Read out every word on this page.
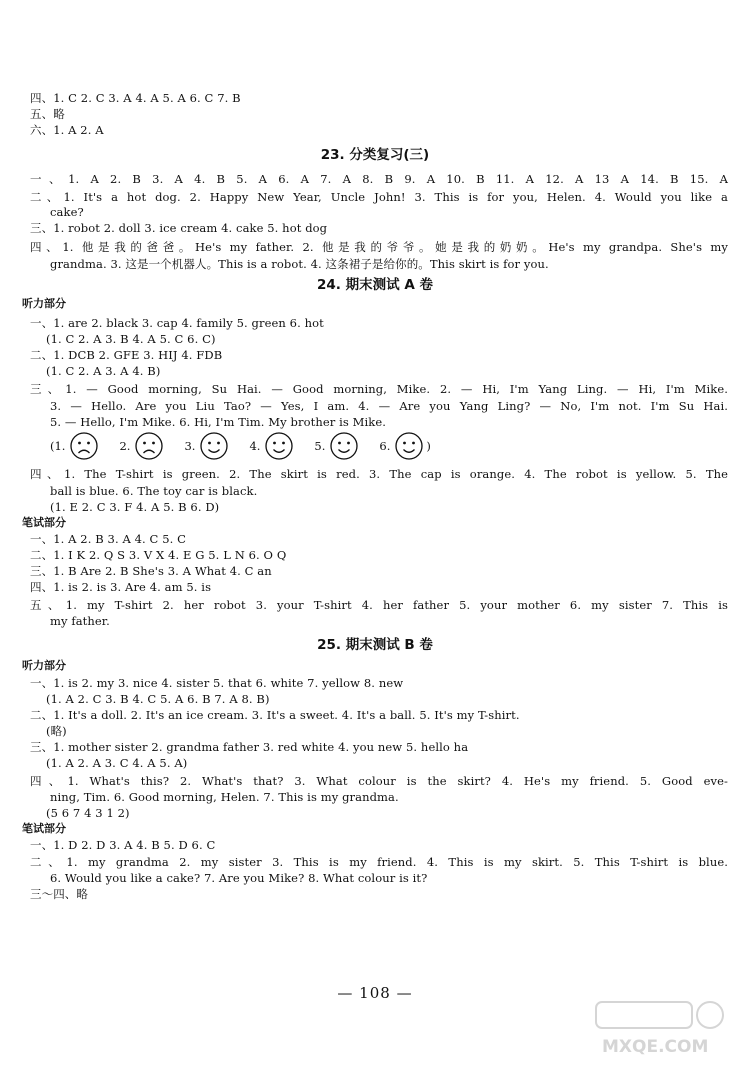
四、1. C 2. C 3. A 4. A 5. A 6. C 7. B
五、略
六、1. A 2. A
23. 分类复习(三)
一、1. A 2. B 3. A 4. B 5. A 6. A 7. A 8. B 9. A 10. B 11. A 12. A 13 A 14. B 15. A
二、1. It's a hot dog. 2. Happy New Year, Uncle John! 3. This is for you, Helen. 4. Would you like a
cake?
三、1. robot 2. doll 3. ice cream 4. cake 5. hot dog
四、1. 他是我的爸爸。He's my father. 2. 他是我的爷爷。她是我的奶奶。He's my grandpa. She's my
grandma. 3. 这是一个机器人。This is a robot. 4. 这条裙子是给你的。This skirt is for you.
24. 期末测试 A 卷
听力部分
一、1. are 2. black 3. cap 4. family 5. green 6. hot
(1. C 2. A 3. B 4. A 5. C 6. C)
二、1. DCB 2. GFE 3. HIJ 4. FDB
(1. C 2. A 3. A 4. B)
三、1. — Good morning, Su Hai. — Good morning, Mike. 2. — Hi, I'm Yang Ling. — Hi, I'm Mike.
3. — Hello. Are you Liu Tao? — Yes, I am. 4. — Are you Yang Ling? — No, I'm not. I'm Su Hai.
5. — Hello, I'm Mike. 6. Hi, I'm Tim. My brother is Mike.
(1.	2.	3.	4.	5.	6.	)
四、1. The T-shirt is green. 2. The skirt is red. 3. The cap is orange. 4. The robot is yellow. 5. The
ball is blue. 6. The toy car is black.
(1. E 2. C 3. F 4. A 5. B 6. D)
笔试部分
一、1. A 2. B 3. A 4. C 5. C
二、1. I K 2. Q S 3. V X 4. E G 5. L N 6. O Q
三、1. B Are 2. B She's 3. A What 4. C an
四、1. is 2. is 3. Are 4. am 5. is
五、1. my T-shirt 2. her robot 3. your T-shirt 4. her father 5. your mother 6. my sister 7. This is
my father.
25. 期末测试 B 卷
听力部分
一、1. is 2. my 3. nice 4. sister 5. that 6. white 7. yellow 8. new
(1. A 2. C 3. B 4. C 5. A 6. B 7. A 8. B)
二、1. It's a doll. 2. It's an ice cream. 3. It's a sweet. 4. It's a ball. 5. It's my T-shirt.
(略)
三、1. mother sister 2. grandma father 3. red white 4. you new 5. hello ha
(1. A 2. A 3. C 4. A 5. A)
四、1. What's this? 2. What's that? 3. What colour is the skirt? 4. He's my friend. 5. Good eve-
ning, Tim. 6. Good morning, Helen. 7. This is my grandma.
(5 6 7 4 3 1 2)
笔试部分
一、1. D 2. D 3. A 4. B 5. D 6. C
二、1. my grandma 2. my sister 3. This is my friend. 4. This is my skirt. 5. This T-shirt is blue.
6. Would you like a cake? 7. Are you Mike? 8. What colour is it?
三～四、略
— 108 —
MXQE.COM
